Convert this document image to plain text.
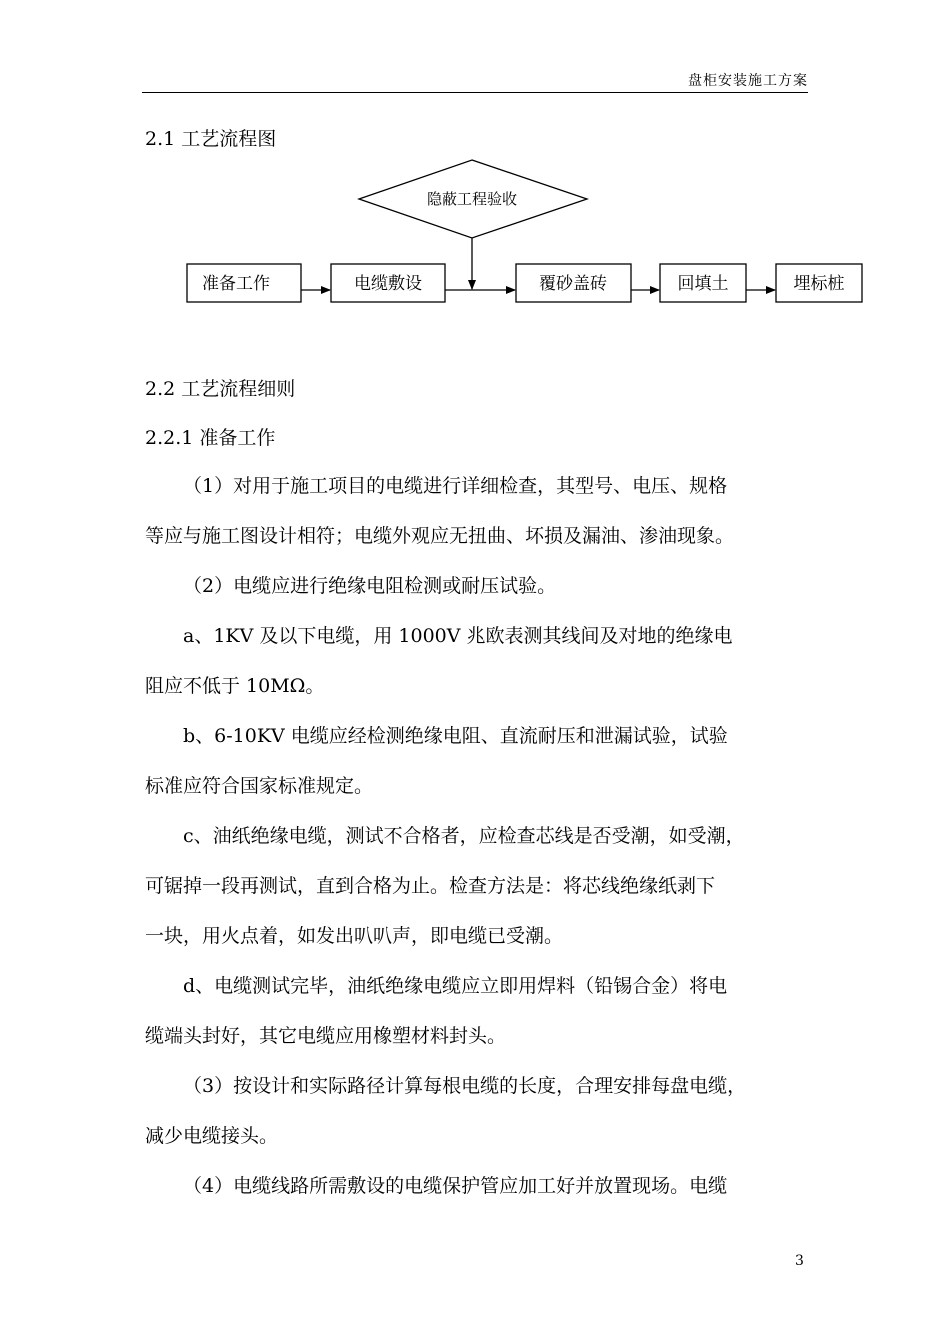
盘柜安装施工方案
2.1 工艺流程图
隐蔽工程验收
准备工作	电缆敷设	覆砂盖砖	回填土	埋标桩
2.2 工艺流程细则
2.2.1 准备工作
（1）对用于施工项目的电缆进行详细检查，其型号、电压、规格
等应与施工图设计相符；电缆外观应无扭曲、坏损及漏油、渗油现象。
（2）电缆应进行绝缘电阻检测或耐压试验。
a、1KV 及以下电缆，用 1000V 兆欧表测其线间及对地的绝缘电
阻应不低于 10MΩ。
b、6-10KV 电缆应经检测绝缘电阻、直流耐压和泄漏试验，试验
标准应符合国家标准规定。
c、油纸绝缘电缆，测试不合格者，应检查芯线是否受潮，如受潮，
可锯掉一段再测试，直到合格为止。检查方法是：将芯线绝缘纸剥下
一块，用火点着，如发出叭叭声，即电缆已受潮。
d、电缆测试完毕，油纸绝缘电缆应立即用焊料（铅锡合金）将电
缆端头封好，其它电缆应用橡塑材料封头。
（3）按设计和实际路径计算每根电缆的长度，合理安排每盘电缆，
减少电缆接头。
（4）电缆线路所需敷设的电缆保护管应加工好并放置现场。电缆
3
